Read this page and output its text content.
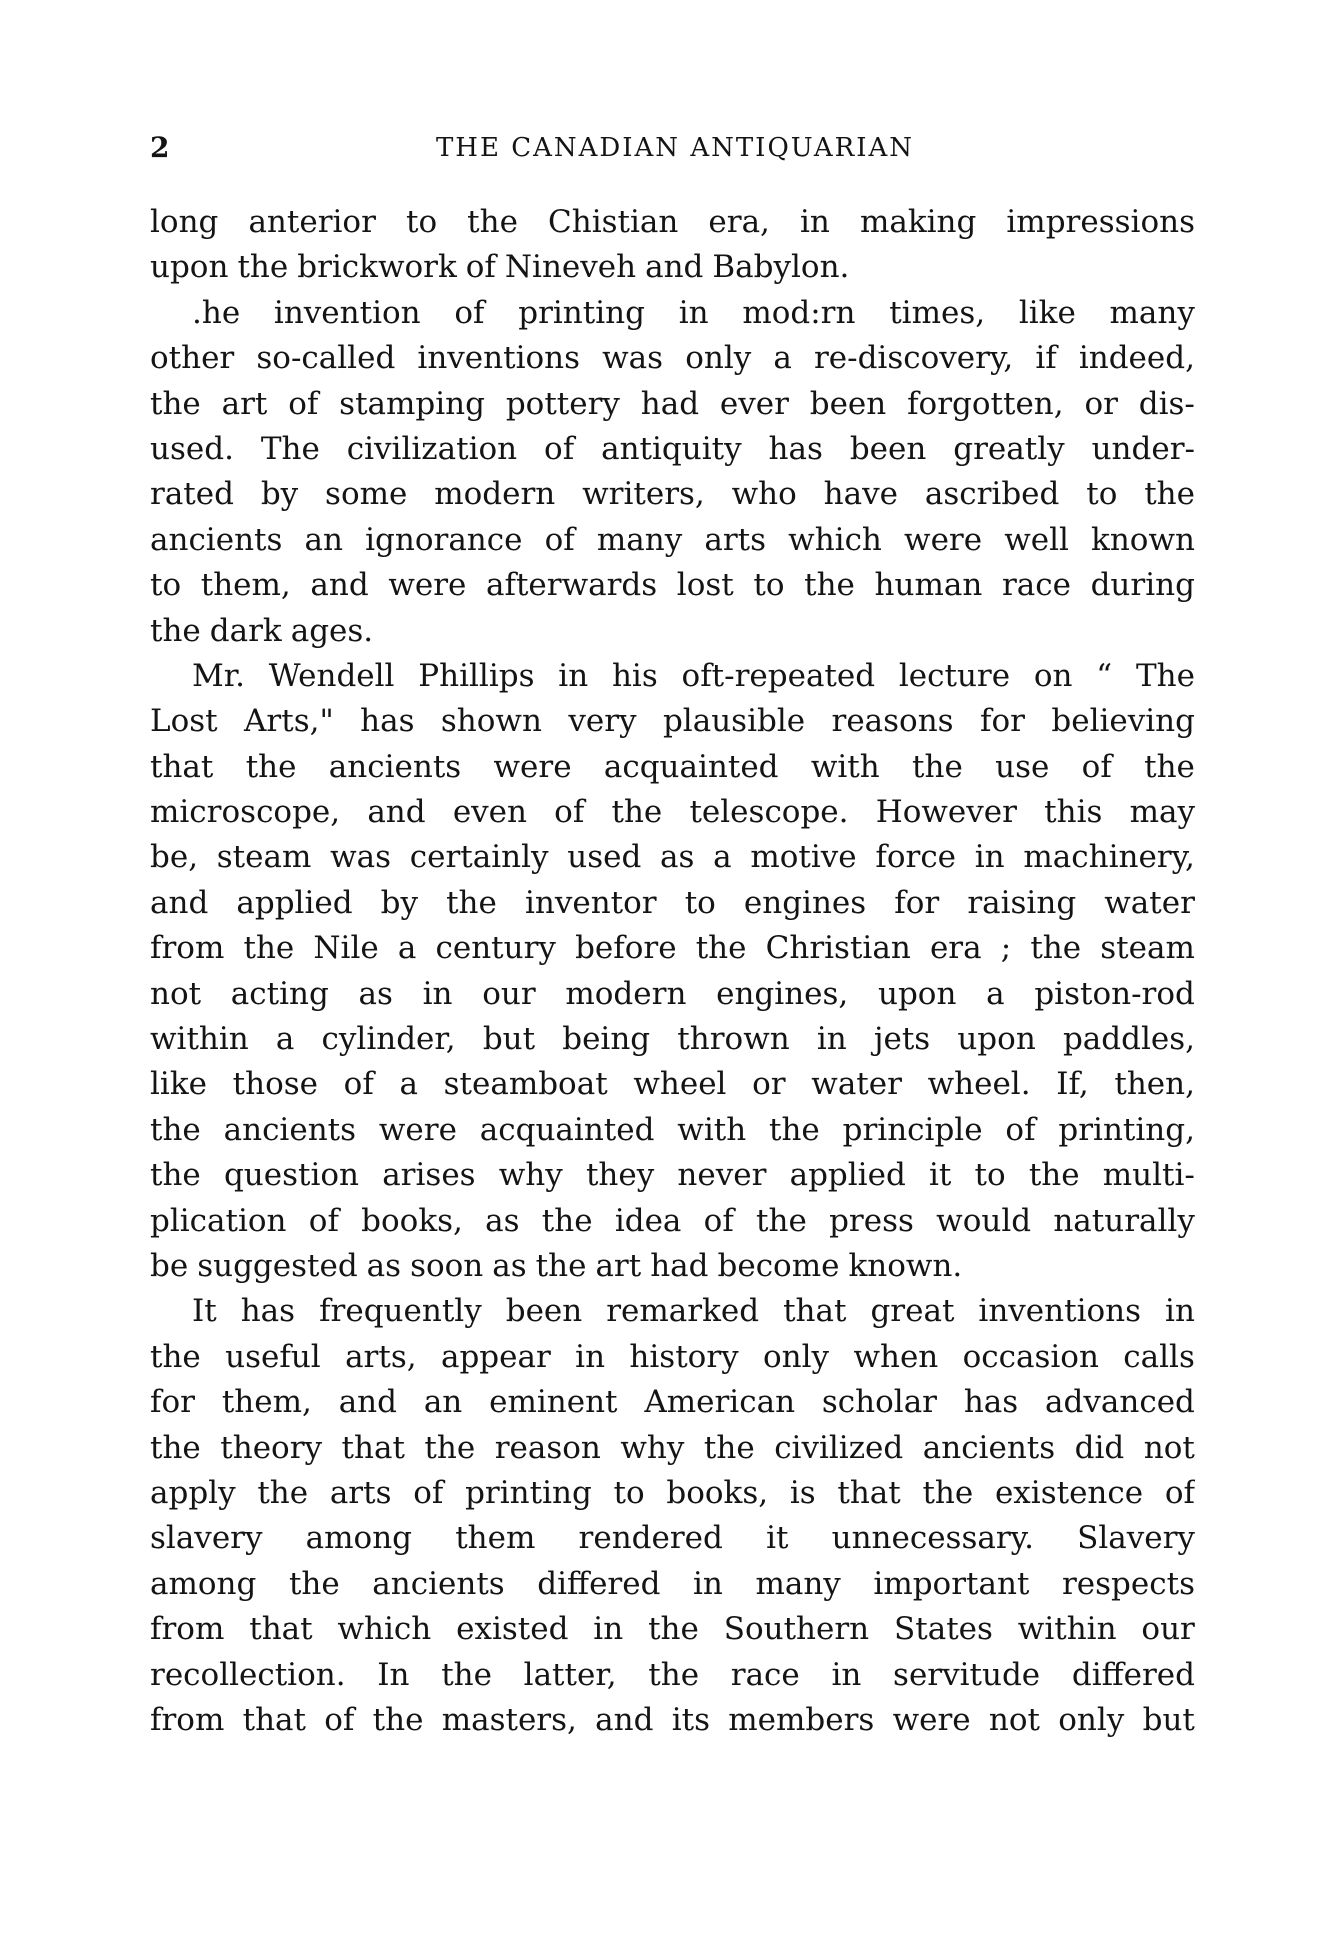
2	THE CANADIAN ANTIQUARIAN
long anterior to the Chistian era, in making impressions
upon the brickwork of Nineveh and Babylon.
.he invention of printing in mod:rn times, like many
other so-called inventions was only a re-discovery, if indeed,
the art of stamping pottery had ever been forgotten, or dis-
used. The civilization of antiquity has been greatly under-
rated by some modern writers, who have ascribed to the
ancients an ignorance of many arts which were well known
to them, and were afterwards lost to the human race during
the dark ages.
Mr. Wendell Phillips in his oft-repeated lecture on “ The
Lost Arts," has shown very plausible reasons for believing
that the ancients were acquainted with the use of the
microscope, and even of the telescope. However this may
be, steam was certainly used as a motive force in machinery,
and applied by the inventor to engines for raising water
from the Nile a century before the Christian era ; the steam
not acting as in our modern engines, upon a piston-rod
within a cylinder, but being thrown in jets upon paddles,
like those of a steamboat wheel or water wheel. If, then,
the ancients were acquainted with the principle of printing,
the question arises why they never applied it to the multi-
plication of books, as the idea of the press would naturally
be suggested as soon as the art had become known.
It has frequently been remarked that great inventions in
the useful arts, appear in history only when occasion calls
for them, and an eminent American scholar has advanced
the theory that the reason why the civilized ancients did not
apply the arts of printing to books, is that the existence of
slavery among them rendered it unnecessary. Slavery
among the ancients differed in many important respects
from that which existed in the Southern States within our
recollection. In the latter, the race in servitude differed
from that of the masters, and its members were not only but
